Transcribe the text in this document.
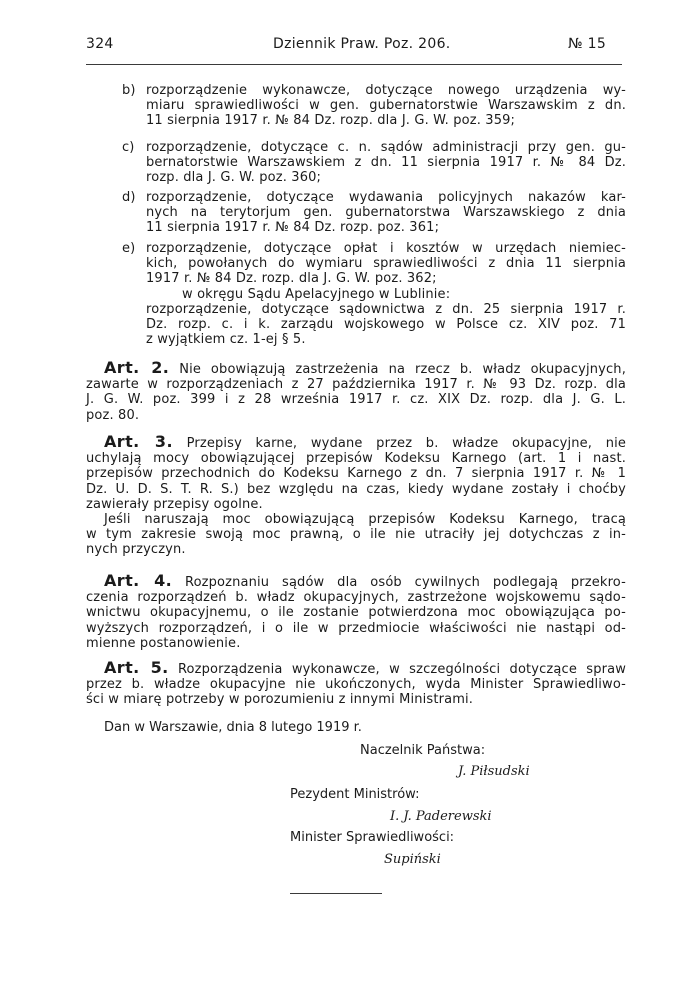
324	Dziennik Praw. Poz. 206.	№ 15
b) rozporządzenie wykonawcze, dotyczące nowego urządzenia wy-
miaru sprawiedliwości w gen. gubernatorstwie Warszawskim z dn.
11 sierpnia 1917 r. № 84 Dz. rozp. dla J. G. W. poz. 359;
c) rozporządzenie, dotyczące c. n. sądów administracji przy gen. gu-
bernatorstwie Warszawskiem z dn. 11 sierpnia 1917 r. № 84 Dz.
rozp. dla J. G. W. poz. 360;
d) rozporządzenie, dotyczące wydawania policyjnych nakazów kar-
nych na terytorjum gen. gubernatorstwa Warszawskiego z dnia
11 sierpnia 1917 r. № 84 Dz. rozp. poz. 361;
e) rozporządzenie, dotyczące opłat i kosztów w urzędach niemiec-
kich, powołanych do wymiaru sprawiedliwości z dnia 11 sierpnia
1917 r. № 84 Dz. rozp. dla J. G. W. poz. 362;
w okręgu Sądu Apelacyjnego w Lublinie:
rozporządzenie, dotyczące sądownictwa z dn. 25 sierpnia 1917 r.
Dz. rozp. c. i k. zarządu wojskowego w Polsce cz. XIV poz. 71
z wyjątkiem cz. 1-ej § 5.
Art. 2. Nie obowiązują zastrzeżenia na rzecz b. władz okupacyjnych,
zawarte w rozporządzeniach z 27 października 1917 r. № 93 Dz. rozp. dla
J. G. W. poz. 399 i z 28 września 1917 r. cz. XIX Dz. rozp. dla J. G. L.
poz. 80.
Art. 3. Przepisy karne, wydane przez b. władze okupacyjne, nie
uchylają mocy obowiązującej przepisów Kodeksu Karnego (art. 1 i nast.
przepisów przechodnich do Kodeksu Karnego z dn. 7 sierpnia 1917 r. № 1
Dz. U. D. S. T. R. S.) bez względu na czas, kiedy wydane zostały i choćby
zawierały przepisy ogolne.
Jeśli naruszają moc obowiązującą przepisów Kodeksu Karnego, tracą
w tym zakresie swoją moc prawną, o ile nie utraciły jej dotychczas z in-
nych przyczyn.
Art. 4. Rozpoznaniu sądów dla osób cywilnych podlegają przekro-
czenia rozporządzeń b. władz okupacyjnych, zastrzeżone wojskowemu sądo-
wnictwu okupacyjnemu, o ile zostanie potwierdzona moc obowiązująca po-
wyższych rozporządzeń, i o ile w przedmiocie właściwości nie nastąpi od-
mienne postanowienie.
Art. 5. Rozporządzenia wykonawcze, w szczególności dotyczące spraw
przez b. władze okupacyjne nie ukończonych, wyda Minister Sprawiedliwo-
ści w miarę potrzeby w porozumieniu z innymi Ministrami.
Dan w Warszawie, dnia 8 lutego 1919 r.
Naczelnik Państwa:
J. Piłsudski
Pezydent Ministrów:
I. J. Paderewski
Minister Sprawiedliwości:
Supiński
